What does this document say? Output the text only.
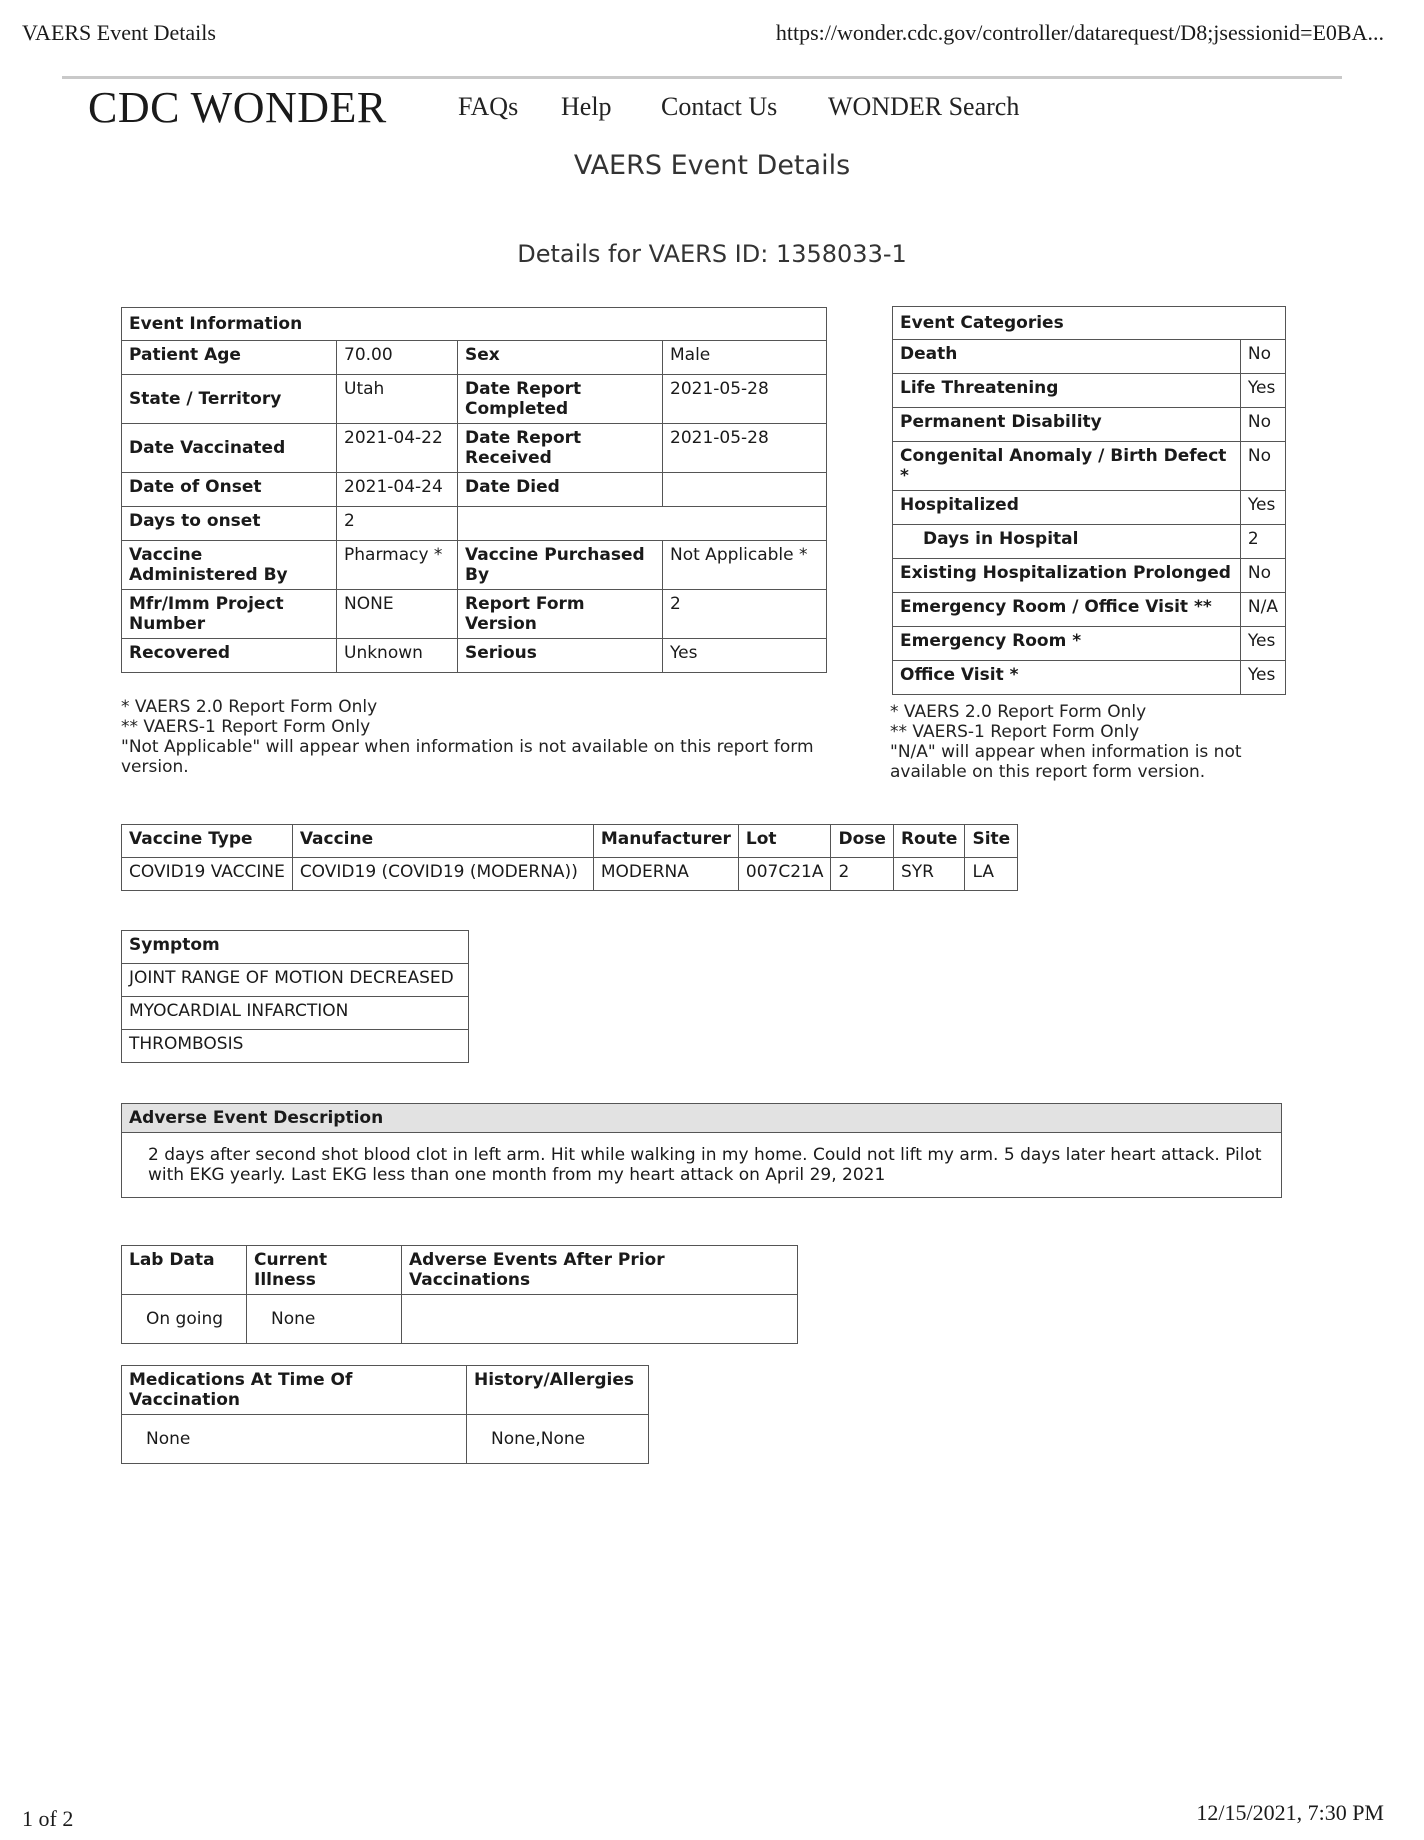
VAERS Event Details	https://wonder.cdc.gov/controller/datarequest/D8;jsessionid=E0BA...
CDC WONDER	FAQs Help Contact Us WONDER Search
VAERS Event Details
Details for VAERS ID: 1358033-1
Event Information			
Patient Age	70.00	Sex	Male
State / Territory	Utah	Date Report Completed	2021-05-28
Date Vaccinated	2021-04-22	Date Report Received	2021-05-28
Date of Onset	2021-04-24	Date Died	
Days to onset	2		
Vaccine Administered By	Pharmacy *	Vaccine Purchased By	Not Applicable *
Mfr/Imm Project Number	NONE	Report Form Version	2
Recovered	Unknown	Serious	Yes
* VAERS 2.0 Report Form Only
** VAERS-1 Report Form Only
"Not Applicable" will appear when information is not available on this report form version.
Event Categories	
Death	No
Life Threatening	Yes
Permanent Disability	No
Congenital Anomaly / Birth Defect *	No
Hospitalized	Yes
Days in Hospital	2
Existing Hospitalization Prolonged	No
Emergency Room / Office Visit **	N/A
Emergency Room *	Yes
Office Visit *	Yes
* VAERS 2.0 Report Form Only
** VAERS-1 Report Form Only
"N/A" will appear when information is not available on this report form version.
Vaccine Type	Vaccine	Manufacturer	Lot	Dose	Route	Site
COVID19 VACCINE	COVID19 (COVID19 (MODERNA))	MODERNA	007C21A	2	SYR	LA
Symptom
JOINT RANGE OF MOTION DECREASED
MYOCARDIAL INFARCTION
THROMBOSIS
Adverse Event Description
2 days after second shot blood clot in left arm. Hit while walking in my home. Could not lift my arm. 5 days later heart attack. Pilot with EKG yearly. Last EKG less than one month from my heart attack on April 29, 2021
Lab Data	Current Illness	Adverse Events After Prior Vaccinations
On going	None	
Medications At Time Of Vaccination	History/Allergies
None	None,None
1 of 2	12/15/2021, 7:30 PM
